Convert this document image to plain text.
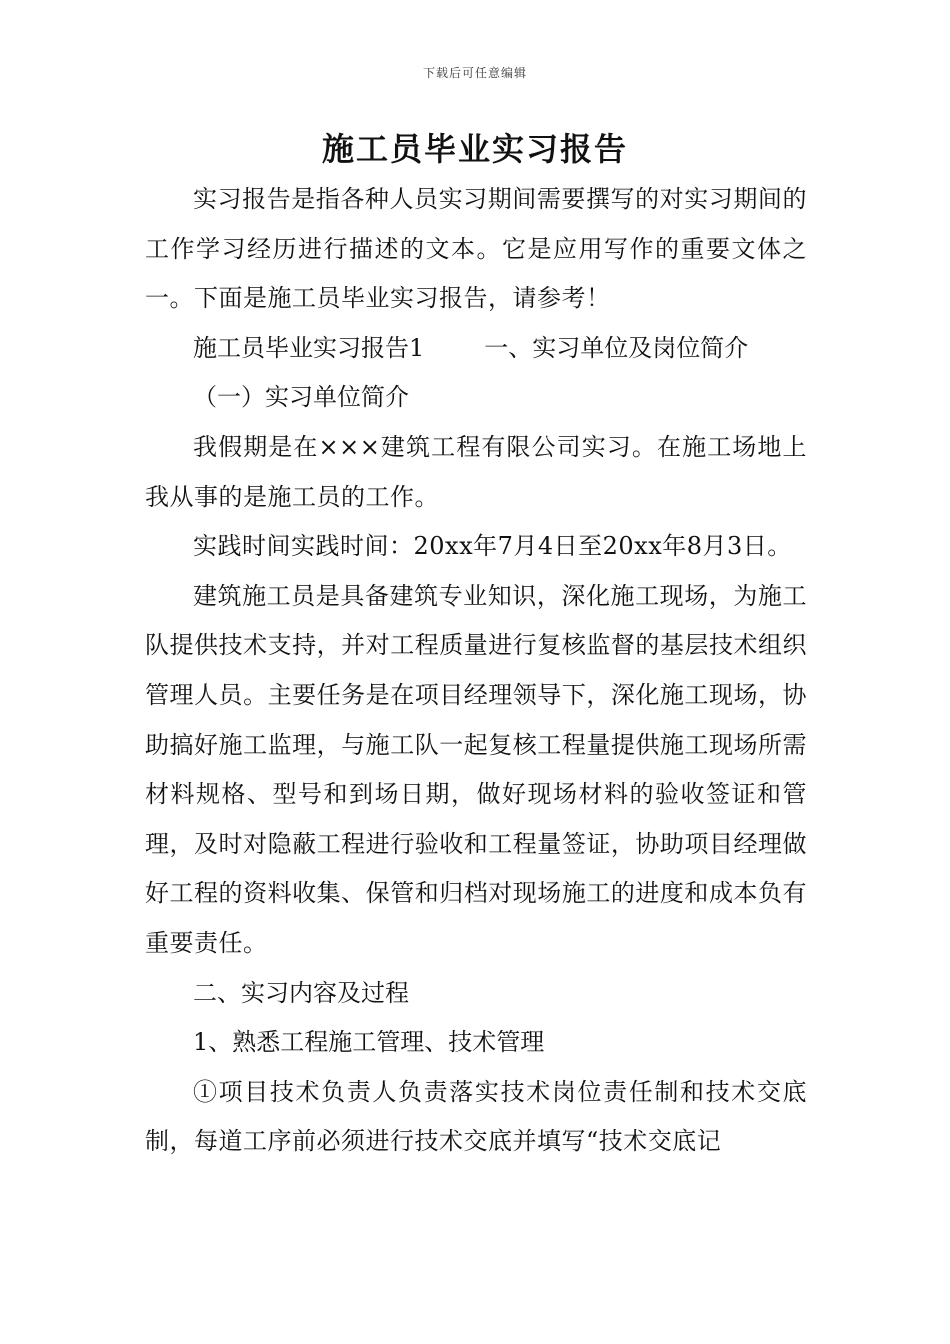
下载后可任意编辑
施工员毕业实习报告

实习报告是指各种人员实习期间需要撰写的对实习期间的工作学习经历进行描述的文本。它是应用写作的重要文体之一。下面是施工员毕业实习报告，请参考！

施工员毕业实习报告1	一、实习单位及岗位简介

（一）实习单位简介

我假期是在×××建筑工程有限公司实习。在施工场地上我从事的是施工员的工作。

实践时间实践时间：20xx年7月4日至20xx年8月3日。

建筑施工员是具备建筑专业知识，深化施工现场，为施工队提供技术支持，并对工程质量进行复核监督的基层技术组织管理人员。主要任务是在项目经理领导下，深化施工现场，协助搞好施工监理，与施工队一起复核工程量提供施工现场所需材料规格、型号和到场日期，做好现场材料的验收签证和管理，及时对隐蔽工程进行验收和工程量签证，协助项目经理做好工程的资料收集、保管和归档对现场施工的进度和成本负有重要责任。

二、实习内容及过程

1、熟悉工程施工管理、技术管理

①项目技术负责人负责落实技术岗位责任制和技术交底制，每道工序前必须进行技术交底并填写“技术交底记
